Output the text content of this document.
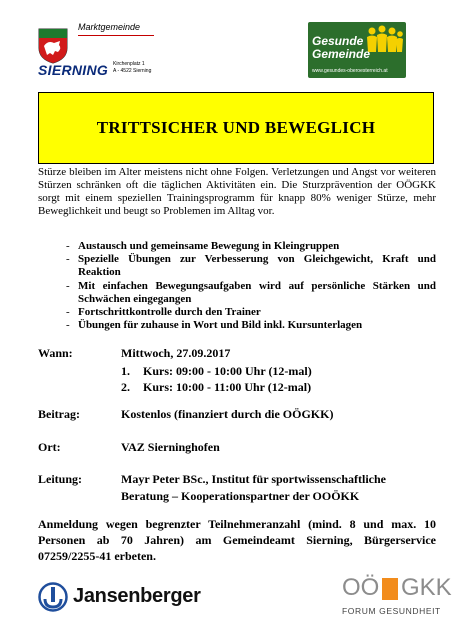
Marktgemeinde
SIERNING Kirchenplatz 1
A - 4522 Sierning
Gesunde
Gemeinde
www.gesundes-oberoesterreich.at
TRITTSICHER UND BEWEGLICH
Stürze bleiben im Alter meistens nicht ohne Folgen. Verletzungen und Angst vor weiteren Stürzen schränken oft die täglichen Aktivitäten ein. Die Sturzprävention der OÖGKK sorgt mit einem speziellen Trainingsprogramm für knapp 80% weniger Stürze, mehr Beweglichkeit und beugt so Problemen im Alltag vor.
- Austausch und gemeinsame Bewegung in Kleingruppen
- Spezielle Übungen zur Verbesserung von Gleichgewicht, Kraft und Reaktion
- Mit einfachen Bewegungsaufgaben wird auf persönliche Stärken und Schwächen eingegangen
- Fortschrittkontrolle durch den Trainer
- Übungen für zuhause in Wort und Bild inkl. Kursunterlagen
Wann:	Mittwoch, 27.09.2017
1. Kurs: 09:00 - 10:00 Uhr (12-mal)
2. Kurs: 10:00 - 11:00 Uhr (12-mal)
Beitrag:	Kostenlos (finanziert durch die OÖGKK)
Ort:	VAZ Sierninghofen
Leitung:	Mayr Peter BSc., Institut für sportwissenschaftliche
Beratung – Kooperationspartner der OOÖKK
Anmeldung wegen begrenzter Teilnehmeranzahl (mind. 8 und max. 10 Personen ab 70 Jahren) am Gemeindeamt Sierning, Bürgerservice 07259/2255-41 erbeten.
Jansenberger	OÖ GKK
FORUM GESUNDHEIT
